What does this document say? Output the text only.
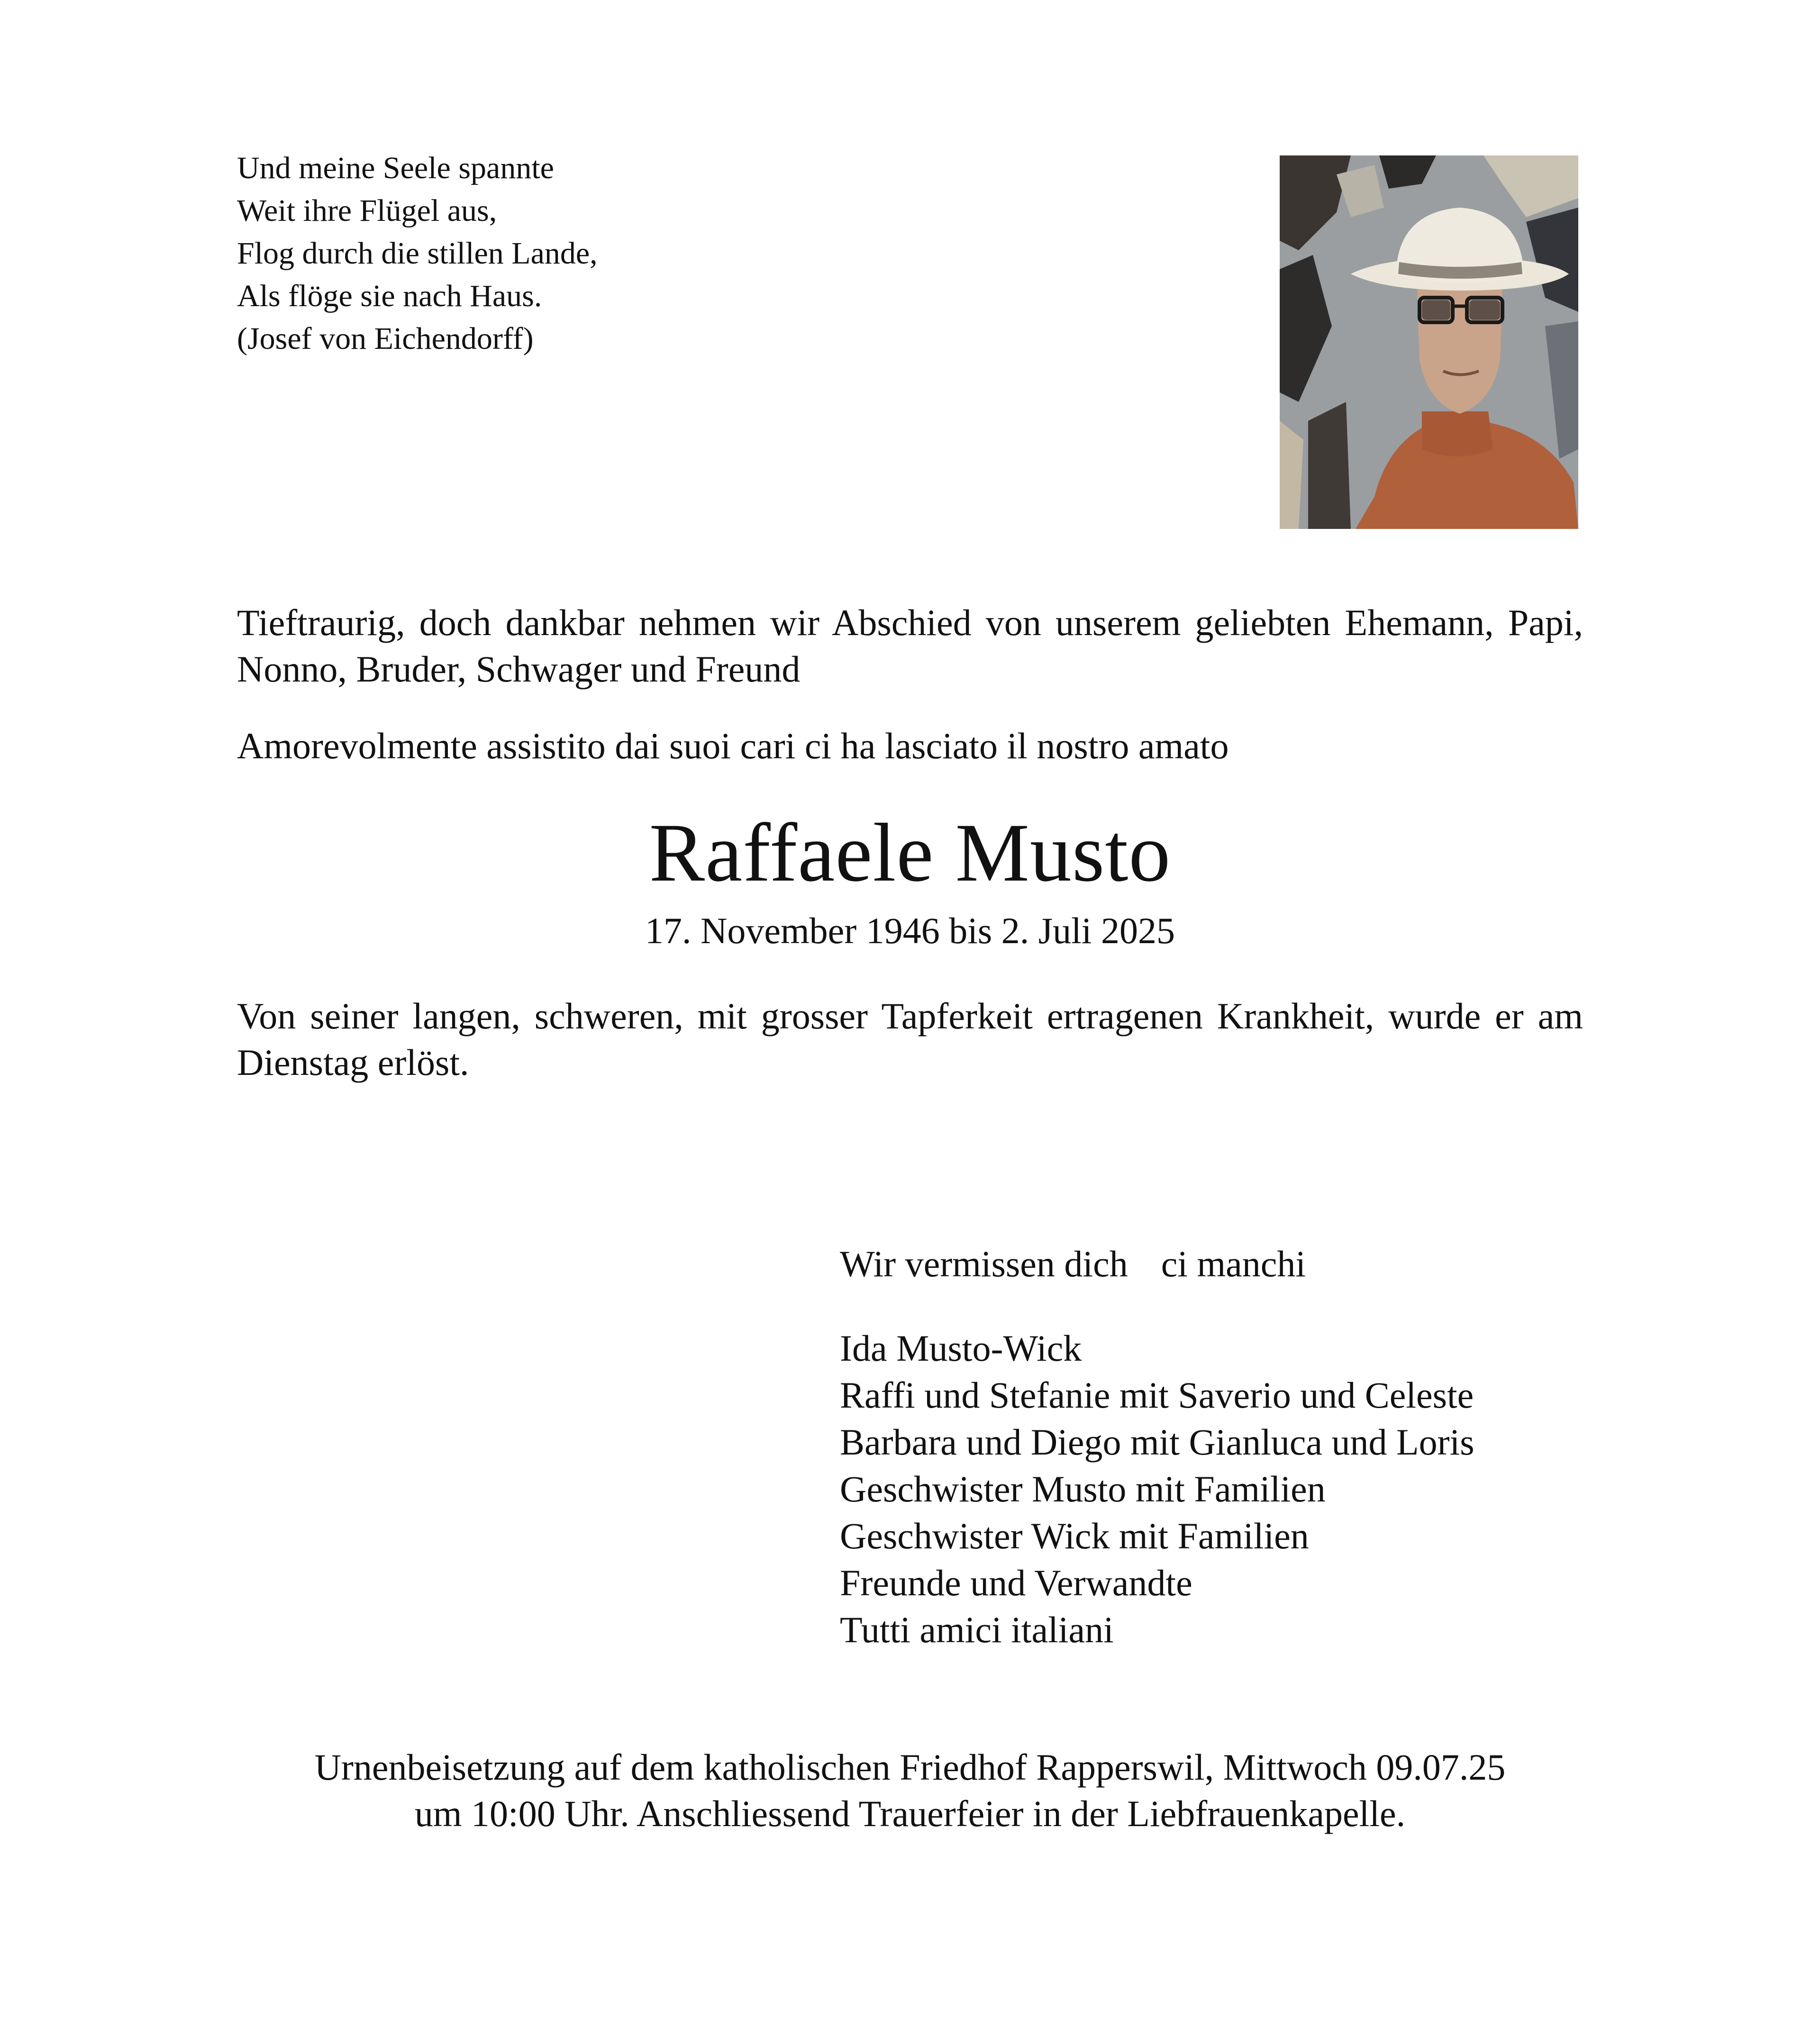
Und meine Seele spannte
Weit ihre Flügel aus,
Flog durch die stillen Lande,
Als flöge sie nach Haus.
(Josef von Eichendorff)
Tieftraurig, doch dankbar nehmen wir Abschied von unserem geliebten Ehemann, Papi, Nonno, Bruder, Schwager und Freund
Amorevolmente assistito dai suoi cari ci ha lasciato il nostro amato
Raffaele Musto
17. November 1946 bis 2. Juli 2025
Von seiner langen, schweren, mit grosser Tapferkeit ertragenen Krankheit, wurde er am Dienstag erlöst.
Wir vermissen dich ci manchi
Ida Musto-Wick
Raffi und Stefanie mit Saverio und Celeste
Barbara und Diego mit Gianluca und Loris
Geschwister Musto mit Familien
Geschwister Wick mit Familien
Freunde und Verwandte
Tutti amici italiani
Urnenbeisetzung auf dem katholischen Friedhof Rapperswil, Mittwoch 09.07.25
um 10:00 Uhr. Anschliessend Trauerfeier in der Liebfrauenkapelle.
